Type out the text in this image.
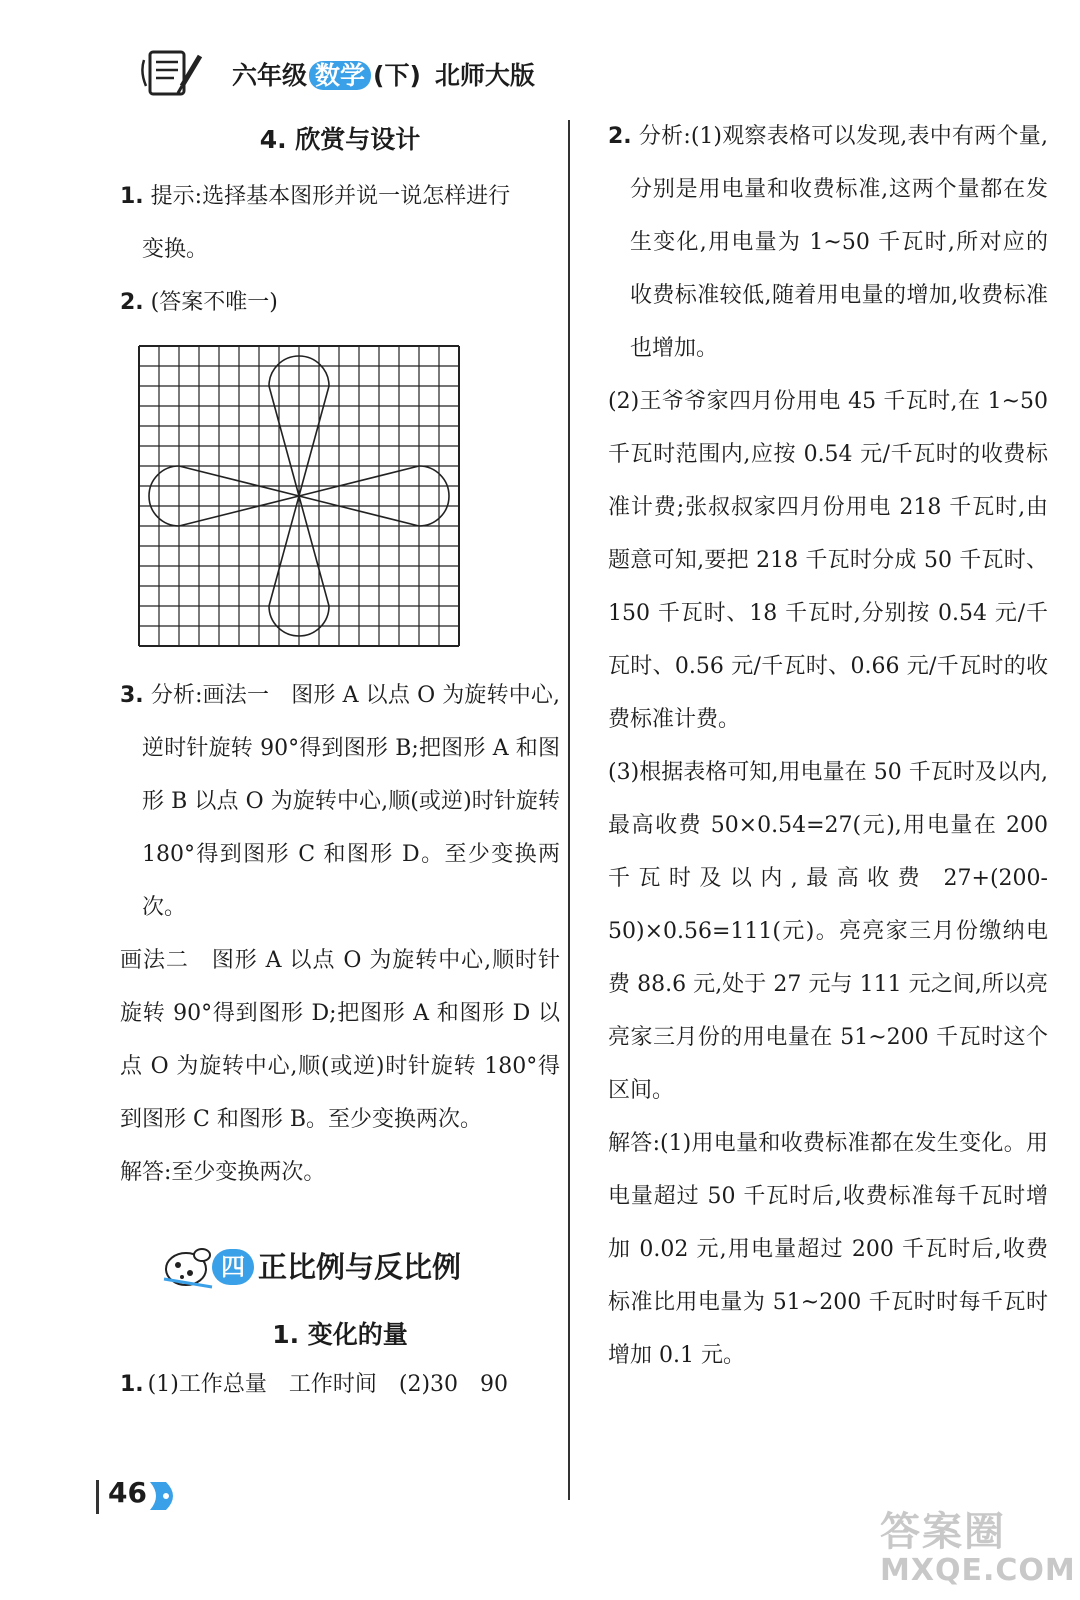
六年级 数学 (下) 北师大版
4. 欣赏与设计

1. 提示:选择基本图形并说一说怎样进行

变换。

2. (答案不唯一)

3. 分析:画法一　图形 A 以点 O 为旋转中心,逆时针旋转 90°得到图形 B;把图形 A 和图形 B 以点 O 为旋转中心,顺(或逆)时针旋转 180°得到图形 C 和图形 D。至少变换两次。

画法二　图形 A 以点 O 为旋转中心,顺时针旋转 90°得到图形 D;把图形 A 和图形 D 以点 O 为旋转中心,顺(或逆)时针旋转 180°得到图形 C 和图形 B。至少变换两次。

解答:至少变换两次。

四 正比例与反比例
1. 变化的量

1. (1)工作总量 工作时间 (2)30 90

2. 分析:(1)观察表格可以发现,表中有两个量,分别是用电量和收费标准,这两个量都在发生变化,用电量为 1~50 千瓦时,所对应的收费标准较低,随着用电量的增加,收费标准也增加。

(2)王爷爷家四月份用电 45 千瓦时,在 1~50 千瓦时范围内,应按 0.54 元/千瓦时的收费标准计费;张叔叔家四月份用电 218 千瓦时,由题意可知,要把 218 千瓦时分成 50 千瓦时、150 千瓦时、18 千瓦时,分别按 0.54 元/千瓦时、0.56 元/千瓦时、0.66 元/千瓦时的收费标准计费。

(3)根据表格可知,用电量在 50 千瓦时及以内,最高收费 50×0.54=27(元),用电量在 200 千瓦时及以内,最高收费 27+(200-50)×0.56=111(元)。亮亮家三月份缴纳电费 88.6 元,处于 27 元与 111 元之间,所以亮亮家三月份的用电量在 51~200 千瓦时这个区间。

解答:(1)用电量和收费标准都在发生变化。用电量超过 50 千瓦时后,收费标准每千瓦时增加 0.02 元,用电量超过 200 千瓦时后,收费标准比用电量为 51~200 千瓦时时每千瓦时增加 0.1 元。

46
答案圈
MXQE.COM
